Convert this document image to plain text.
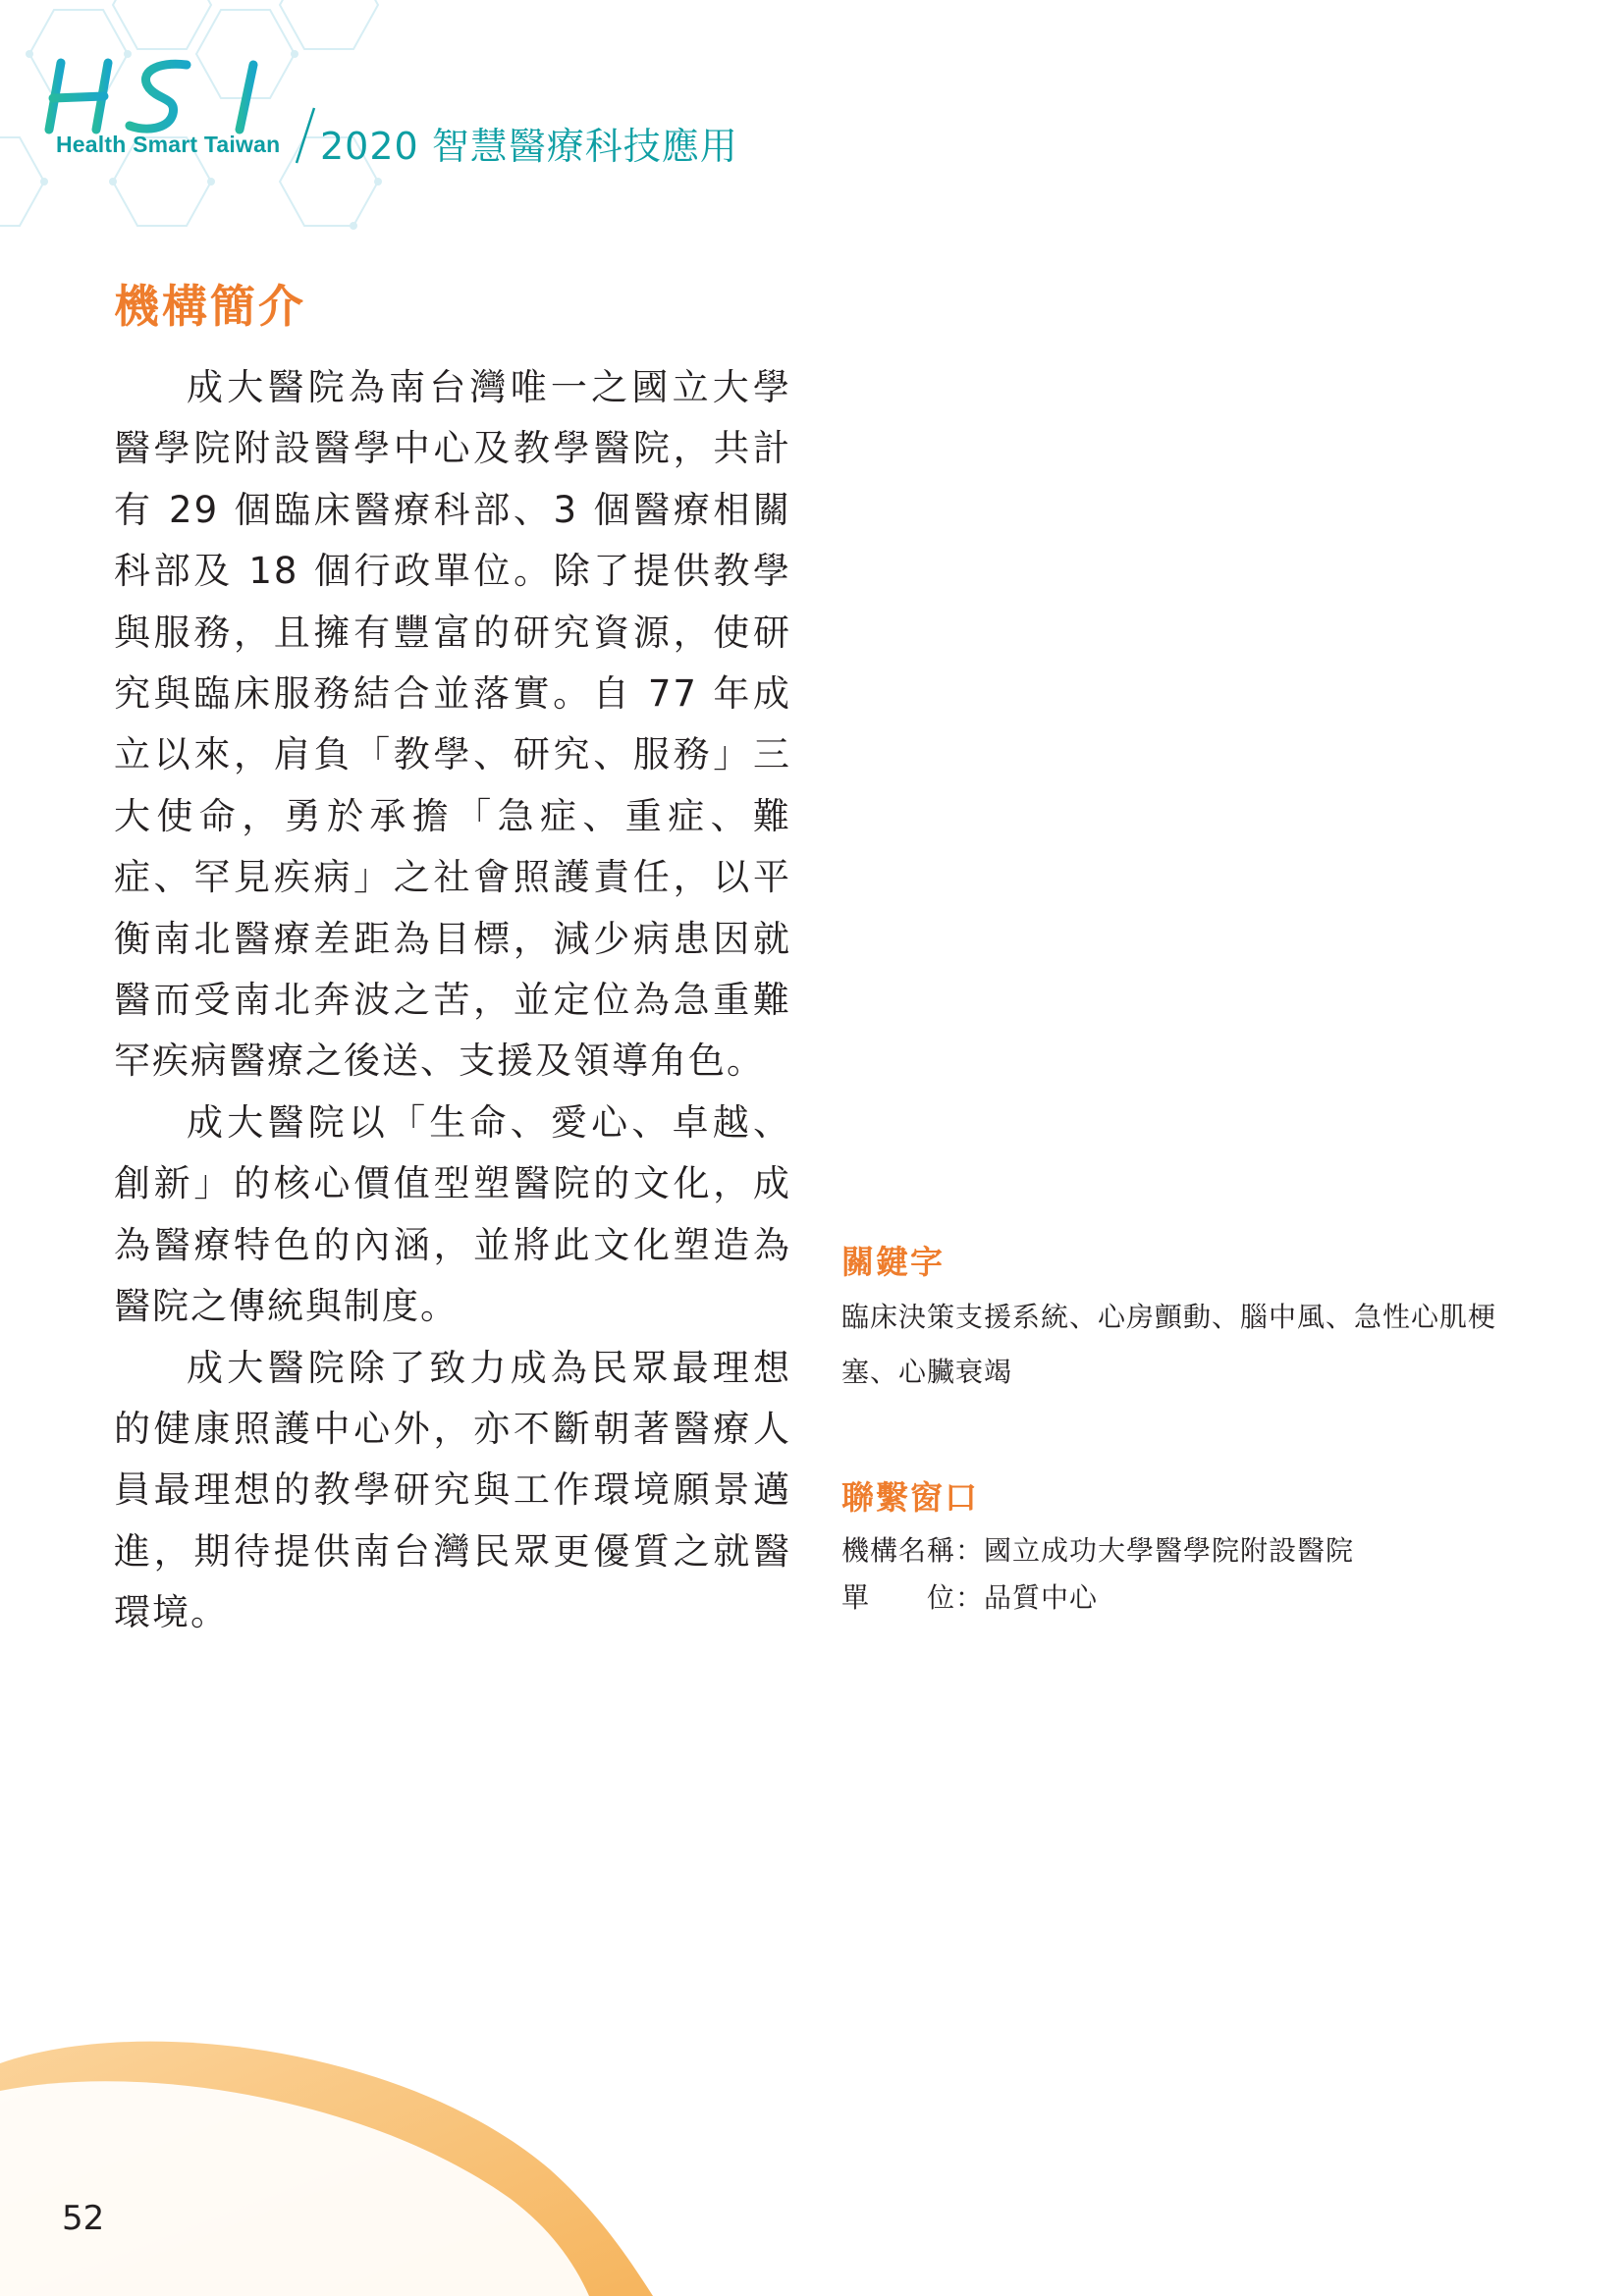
Health Smart Taiwan 2020 智慧醫療科技應用
機構簡介

成大醫院為南台灣唯一之國立大學醫學院附設醫學中心及教學醫院，共計有 29 個臨床醫療科部、3 個醫療相關科部及 18 個行政單位。除了提供教學與服務，且擁有豐富的研究資源，使研究與臨床服務結合並落實。自 77 年成立以來，肩負「教學、研究、服務」三大使命，勇於承擔「急症、重症、難症、罕見疾病」之社會照護責任，以平衡南北醫療差距為目標，減少病患因就醫而受南北奔波之苦，並定位為急重難罕疾病醫療之後送、支援及領導角色。

成大醫院以「生命、愛心、卓越、創新」的核心價值型塑醫院的文化，成為醫療特色的內涵，並將此文化塑造為醫院之傳統與制度。

成大醫院除了致力成為民眾最理想的健康照護中心外，亦不斷朝著醫療人員最理想的教學研究與工作環境願景邁進，期待提供南台灣民眾更優質之就醫環境。

關鍵字
臨床決策支援系統、心房顫動、腦中風、急性心肌梗塞、心臟衰竭
聯繫窗口
機構名稱：國立成功大學醫學院附設醫院
單　　位：品質中心
52
